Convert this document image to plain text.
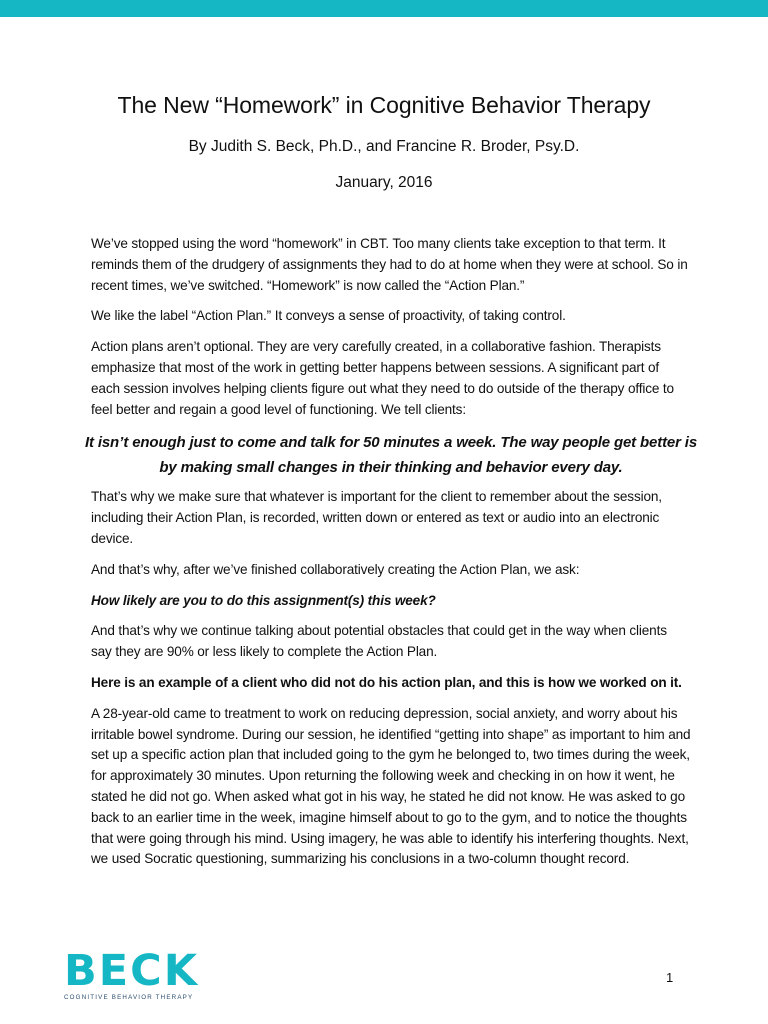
The New “Homework” in Cognitive Behavior Therapy
By Judith S. Beck, Ph.D., and Francine R. Broder, Psy.D.
January, 2016

We’ve stopped using the word “homework” in CBT. Too many clients take exception to that term. It reminds them of the drudgery of assignments they had to do at home when they were at school. So in recent times, we’ve switched. “Homework” is now called the “Action Plan.”

We like the label “Action Plan.” It conveys a sense of proactivity, of taking control.

Action plans aren’t optional. They are very carefully created, in a collaborative fashion. Therapists emphasize that most of the work in getting better happens between sessions. A significant part of each session involves helping clients figure out what they need to do outside of the therapy office to feel better and regain a good level of functioning. We tell clients:

It isn’t enough just to come and talk for 50 minutes a week. The way people get better is by making small changes in their thinking and behavior every day.

That’s why we make sure that whatever is important for the client to remember about the session, including their Action Plan, is recorded, written down or entered as text or audio into an electronic device.

And that’s why, after we’ve finished collaboratively creating the Action Plan, we ask:

How likely are you to do this assignment(s) this week?

And that’s why we continue talking about potential obstacles that could get in the way when clients say they are 90% or less likely to complete the Action Plan.

Here is an example of a client who did not do his action plan, and this is how we worked on it.

A 28-year-old came to treatment to work on reducing depression, social anxiety, and worry about his irritable bowel syndrome. During our session, he identified “getting into shape” as important to him and set up a specific action plan that included going to the gym he belonged to, two times during the week, for approximately 30 minutes. Upon returning the following week and checking in on how it went, he stated he did not go. When asked what got in his way, he stated he did not know. He was asked to go back to an earlier time in the week, imagine himself about to go to the gym, and to notice the thoughts that were going through his mind. Using imagery, he was able to identify his interfering thoughts. Next, we used Socratic questioning, summarizing his conclusions in a two-column thought record.

BECK
COGNITIVE BEHAVIOR THERAPY
1
